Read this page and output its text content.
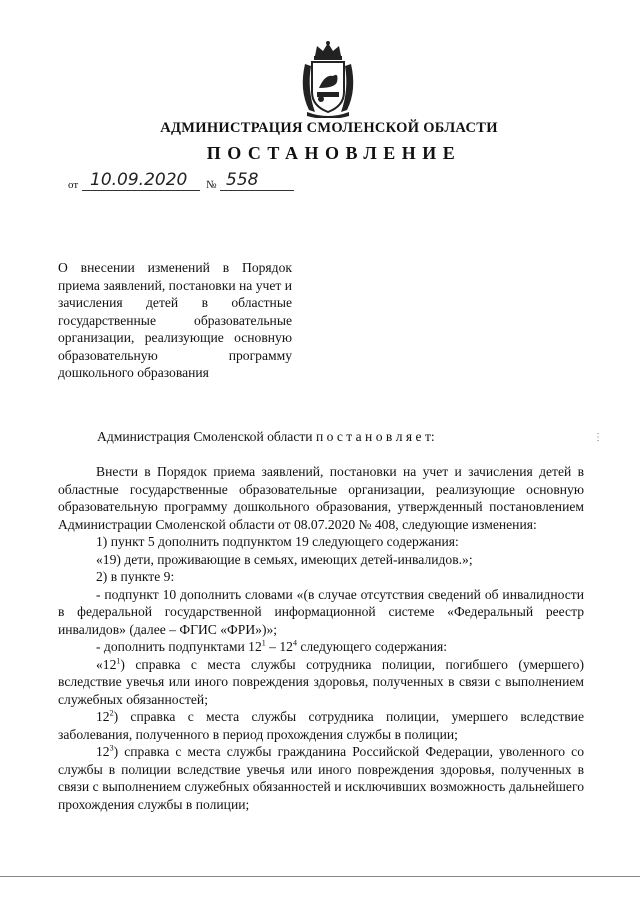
АДМИНИСТРАЦИЯ СМОЛЕНСКОЙ ОБЛАСТИ
ПОСТАНОВЛЕНИЕ
от 10.09.2020 № 558
О внесении изменений в Порядок приема заявлений, постановки на учет и зачисления детей в областные государственные образовательные организации, реализующие основную образовательную программу дошкольного образования
Администрация Смоленской области п о с т а н о в л я е т:	⋮

Внести в Порядок приема заявлений, постановки на учет и зачисления детей в областные государственные образовательные организации, реализующие основную образовательную программу дошкольного образования, утвержденный постановлением Администрации Смоленской области от 08.07.2020 № 408, следующие изменения:

1) пункт 5 дополнить подпунктом 19 следующего содержания:

«19) дети, проживающие в семьях, имеющих детей-инвалидов.»;

2) в пункте 9:

- подпункт 10 дополнить словами «(в случае отсутствия сведений об инвалидности в федеральной государственной информационной системе «Федеральный реестр инвалидов» (далее – ФГИС «ФРИ»)»;

- дополнить подпунктами $12^1 - 12^4$ следующего содержания:

«$12^1$) справка с места службы сотрудника полиции, погибшего (умершего) вследствие увечья или иного повреждения здоровья, полученных в связи с выполнением служебных обязанностей;

$12^2$) справка с места службы сотрудника полиции, умершего вследствие заболевания, полученного в период прохождения службы в полиции;

$12^3$) справка с места службы гражданина Российской Федерации, уволенного со службы в полиции вследствие увечья или иного повреждения здоровья, полученных в связи с выполнением служебных обязанностей и исключивших возможность дальнейшего прохождения службы в полиции;
